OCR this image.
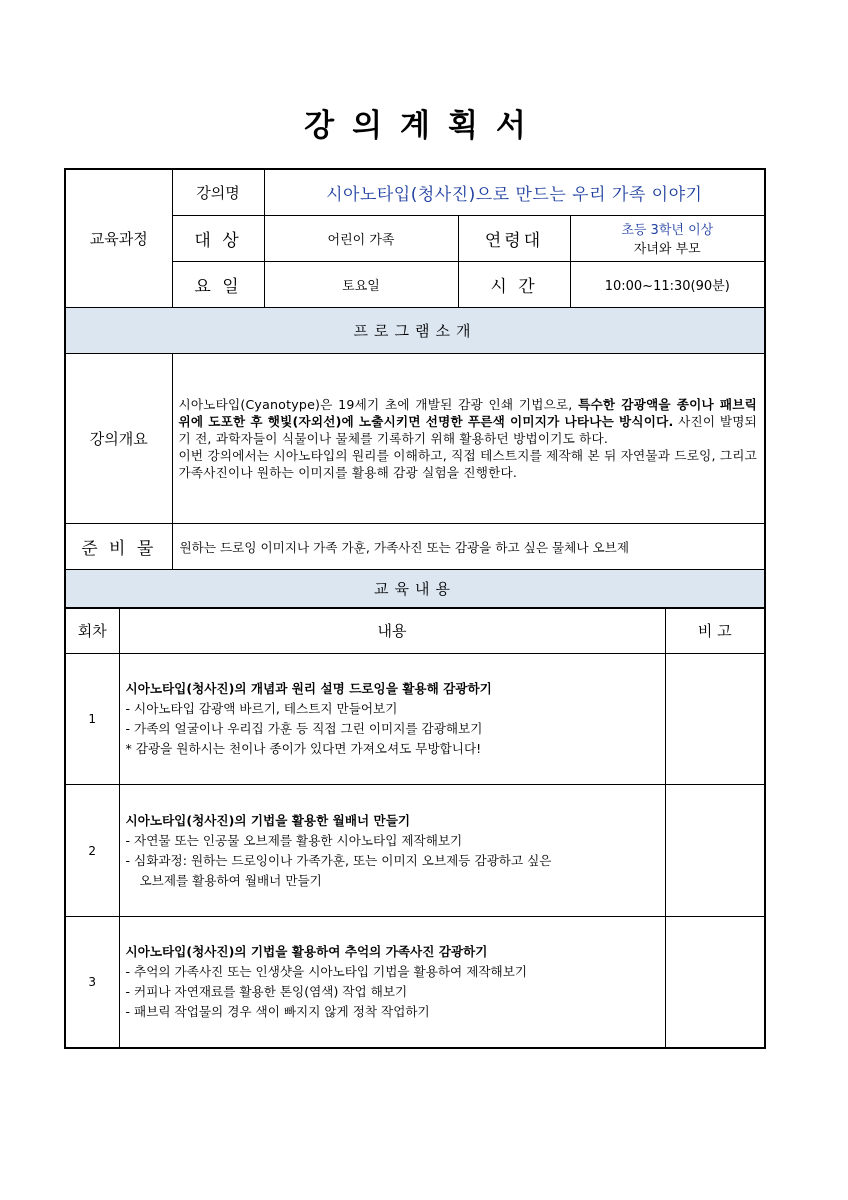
강의계획서
교육과정	강의명	시아노타입(청사진)으로 만드는 우리 가족 이야기		
	대 상	어린이 가족	연령대	초등 3학년 이상
자녀와 부모

	요 일	토요일	시 간	10:00~11:30(90분)
프로그램소개				
강의개요	시아노타입(Cyanotype)은 19세기 초에 개발된 감광 인쇄 기법으로, 특수한 감광액을 종이나 패브릭 위에 도포한 후 햇빛(자외선)에 노출시키면 선명한 푸른색 이미지가 나타나는 방식이다. 사진이 발명되기 전, 과학자들이 식물이나 물체를 기록하기 위해 활용하던 방법이기도 하다.
이번 강의에서는 시아노타입의 원리를 이해하고, 직접 테스트지를 제작해 본 뒤 자연물과 드로잉, 그리고 가족사진이나 원하는 이미지를 활용해 감광 실험을 진행한다.			

준 비 물	원하는 드로잉 이미지나 가족 가훈, 가족사진 또는 감광을 하고 싶은 물체나 오브제			
교육내용				
회차	내용	비 고
1	시아노타입(청사진)의 개념과 원리 설명 드로잉을 활용해 감광하기
- 시아노타입 감광액 바르기, 테스트지 만들어보기
- 가족의 얼굴이나 우리집 가훈 등 직접 그린 이미지를 감광해보기
* 감광을 원하시는 천이나 종이가 있다면 가져오셔도 무방합니다!	

2	시아노타입(청사진)의 기법을 활용한 월배너 만들기
- 자연물 또는 인공물 오브제를 활용한 시아노타입 제작해보기
- 심화과정: 원하는 드로잉이나 가족가훈, 또는 이미지 오브제등 감광하고 싶은
오브제를 활용하여 월배너 만들기	

3	시아노타입(청사진)의 기법을 활용하여 추억의 가족사진 감광하기
- 추억의 가족사진 또는 인생샷을 시아노타입 기법을 활용하여 제작해보기
- 커피나 자연재료를 활용한 톤잉(염색) 작업 해보기
- 패브릭 작업물의 경우 색이 빠지지 않게 정착 작업하기	
